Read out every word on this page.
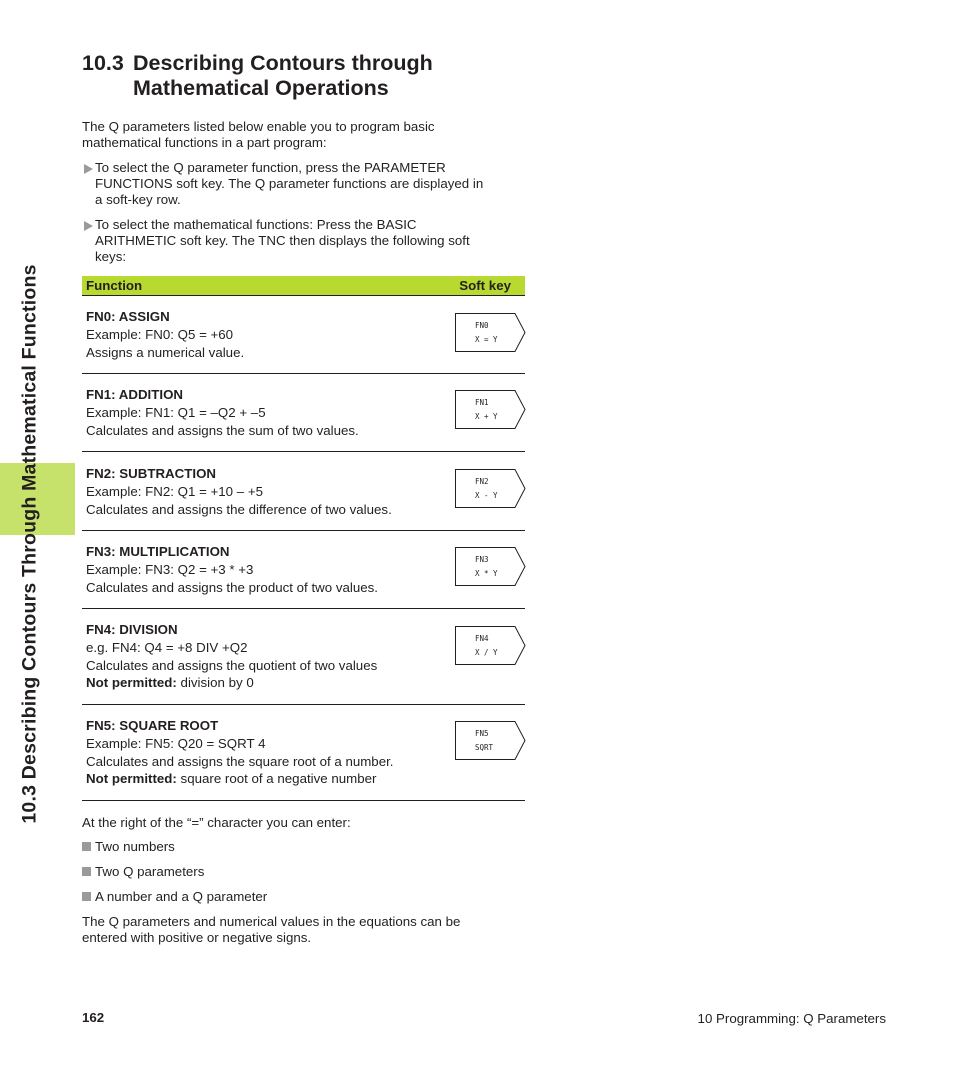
10.3 Describing Contours Through Mathematical Functions
10.3 Describing Contours through
Mathematical Operations
The Q parameters listed below enable you to program basic
mathematical functions in a part program:
To select the Q parameter function, press the PARAMETER
FUNCTIONS soft key. The Q parameter functions are displayed in
a soft-key row.
To select the mathematical functions: Press the BASIC
ARITHMETIC soft key. The TNC then displays the following soft
keys:
Function	Soft key
FN0: ASSIGN
Example: FN0: Q5 = +60
Assigns a numerical value.
FN0
X = Y
FN1: ADDITION
Example: FN1: Q1 = –Q2 + –5
Calculates and assigns the sum of two values.
FN1
X + Y
FN2: SUBTRACTION
Example: FN2: Q1 = +10 – +5
Calculates and assigns the difference of two values.
FN2
X - Y
FN3: MULTIPLICATION
Example: FN3: Q2 = +3 * +3
Calculates and assigns the product of two values.
FN3
X * Y
FN4: DIVISION
e.g. FN4: Q4 = +8 DIV +Q2
Calculates and assigns the quotient of two values
Not permitted: division by 0
FN4
X / Y
FN5: SQUARE ROOT
Example: FN5: Q20 = SQRT 4
Calculates and assigns the square root of a number.
Not permitted: square root of a negative number
FN5
SQRT
At the right of the “=” character you can enter:
Two numbers
Two Q parameters
A number and a Q parameter
The Q parameters and numerical values in the equations can be
entered with positive or negative signs.
162	10 Programming: Q Parameters
